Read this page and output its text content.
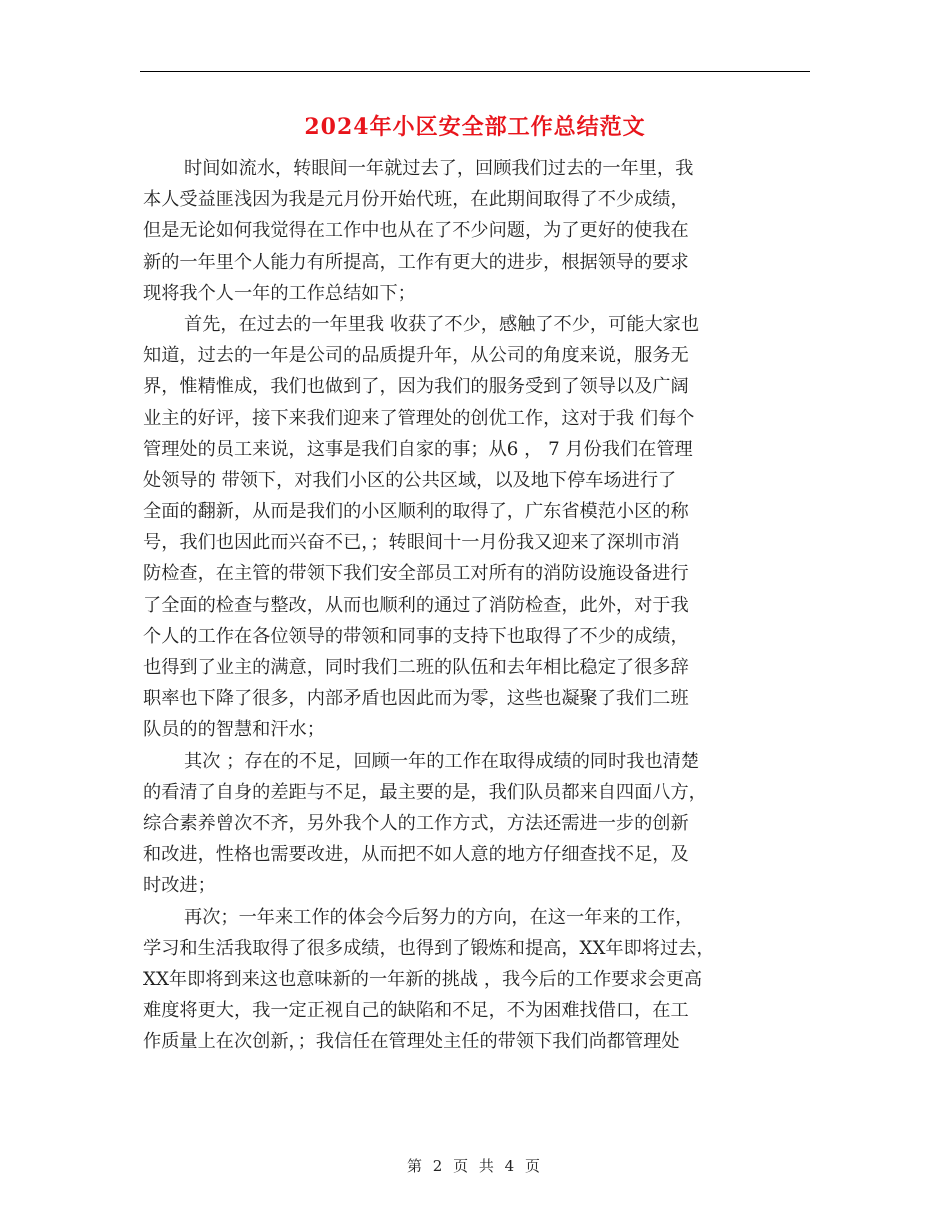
2024年小区安全部工作总结范文
时间如流水，转眼间一年就过去了，回顾我们过去的一年里，我
本人受益匪浅因为我是元月份开始代班，在此期间取得了不少成绩，
但是无论如何我觉得在工作中也从在了不少问题，为了更好的使我在
新的一年里个人能力有所提高，工作有更大的进步，根据领导的要求
现将我个人一年的工作总结如下；
首先，在过去的一年里我 收获了不少，感触了不少，可能大家也
知道，过去的一年是公司的品质提升年，从公司的角度来说，服务无
界，惟精惟成，我们也做到了，因为我们的服务受到了领导以及广阔
业主的好评，接下来我们迎来了管理处的创优工作，这对于我 们每个
管理处的员工来说，这事是我们自家的事；从6 ， 7 月份我们在管理
处领导的 带领下，对我们小区的公共区域，以及地下停车场进行了
全面的翻新，从而是我们的小区顺利的取得了，广东省模范小区的称
号，我们也因此而兴奋不已，；转眼间十一月份我又迎来了深圳市消
防检查，在主管的带领下我们安全部员工对所有的消防设施设备进行
了全面的检查与整改，从而也顺利的通过了消防检查，此外，对于我
个人的工作在各位领导的带领和同事的支持下也取得了不少的成绩，
也得到了业主的满意，同时我们二班的队伍和去年相比稳定了很多辞
职率也下降了很多，内部矛盾也因此而为零，这些也凝聚了我们二班
队员的的智慧和汗水；
其次 ；存在的不足，回顾一年的工作在取得成绩的同时我也清楚
的看清了自身的差距与不足，最主要的是，我们队员都来自四面八方，
综合素养曾次不齐，另外我个人的工作方式，方法还需进一步的创新
和改进，性格也需要改进，从而把不如人意的地方仔细查找不足，及
时改进；
再次；一年来工作的体会今后努力的方向，在这一年来的工作，
学习和生活我取得了很多成绩，也得到了锻炼和提高，XX年即将过去，
XX年即将到来这也意味新的一年新的挑战 ，我今后的工作要求会更高
难度将更大，我一定正视自己的缺陷和不足，不为困难找借口，在工
作质量上在次创新，；我信任在管理处主任的带领下我们尚都管理处
第 2 页 共 4 页
